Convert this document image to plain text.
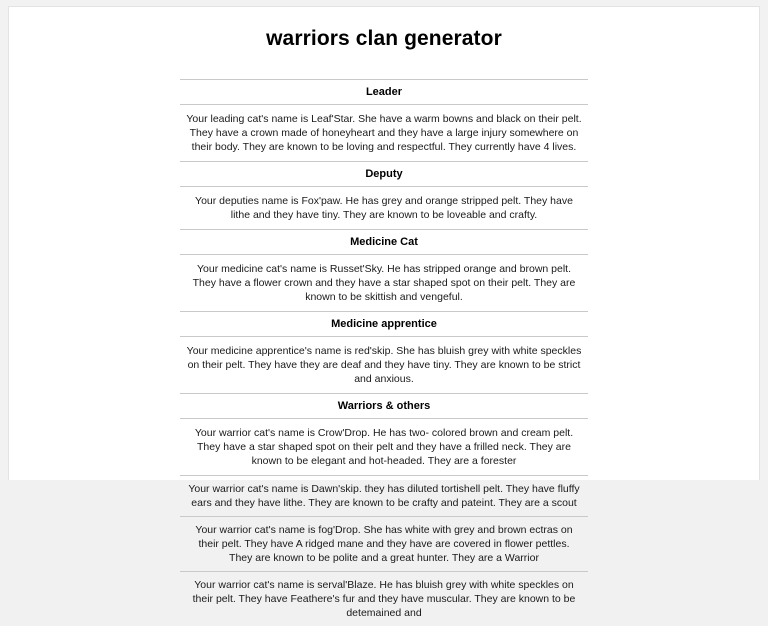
warriors clan generator
Leader
Your leading cat's name is Leaf'Star. She have a warm bowns and black on their pelt. They have a crown made of honeyheart and they have a large injury somewhere on their body. They are known to be loving and respectful. They currently have 4 lives.
Deputy
Your deputies name is Fox'paw. He has grey and orange stripped pelt. They have lithe and they have tiny. They are known to be loveable and crafty.
Medicine Cat
Your medicine cat's name is Russet'Sky. He has stripped orange and brown pelt. They have a flower crown and they have a star shaped spot on their pelt. They are known to be skittish and vengeful.
Medicine apprentice
Your medicine apprentice's name is red'skip. She has bluish grey with white speckles on their pelt. They have they are deaf and they have tiny. They are known to be strict and anxious.
Warriors & others
Your warrior cat's name is Crow'Drop. He has two- colored brown and cream pelt. They have a star shaped spot on their pelt and they have a frilled neck. They are known to be elegant and hot-headed. They are a forester
Your warrior cat's name is Dawn'skip. they has diluted tortishell pelt. They have fluffy ears and they have lithe. They are known to be crafty and pateint. They are a scout
Your warrior cat's name is fog'Drop. She has white with grey and brown ectras on their pelt. They have A ridged mane and they have are covered in flower pettles. They are known to be polite and a great hunter. They are a Warrior
Your warrior cat's name is serval'Blaze. He has bluish grey with white speckles on their pelt. They have Feathere's fur and they have muscular. They are known to be detemained and
